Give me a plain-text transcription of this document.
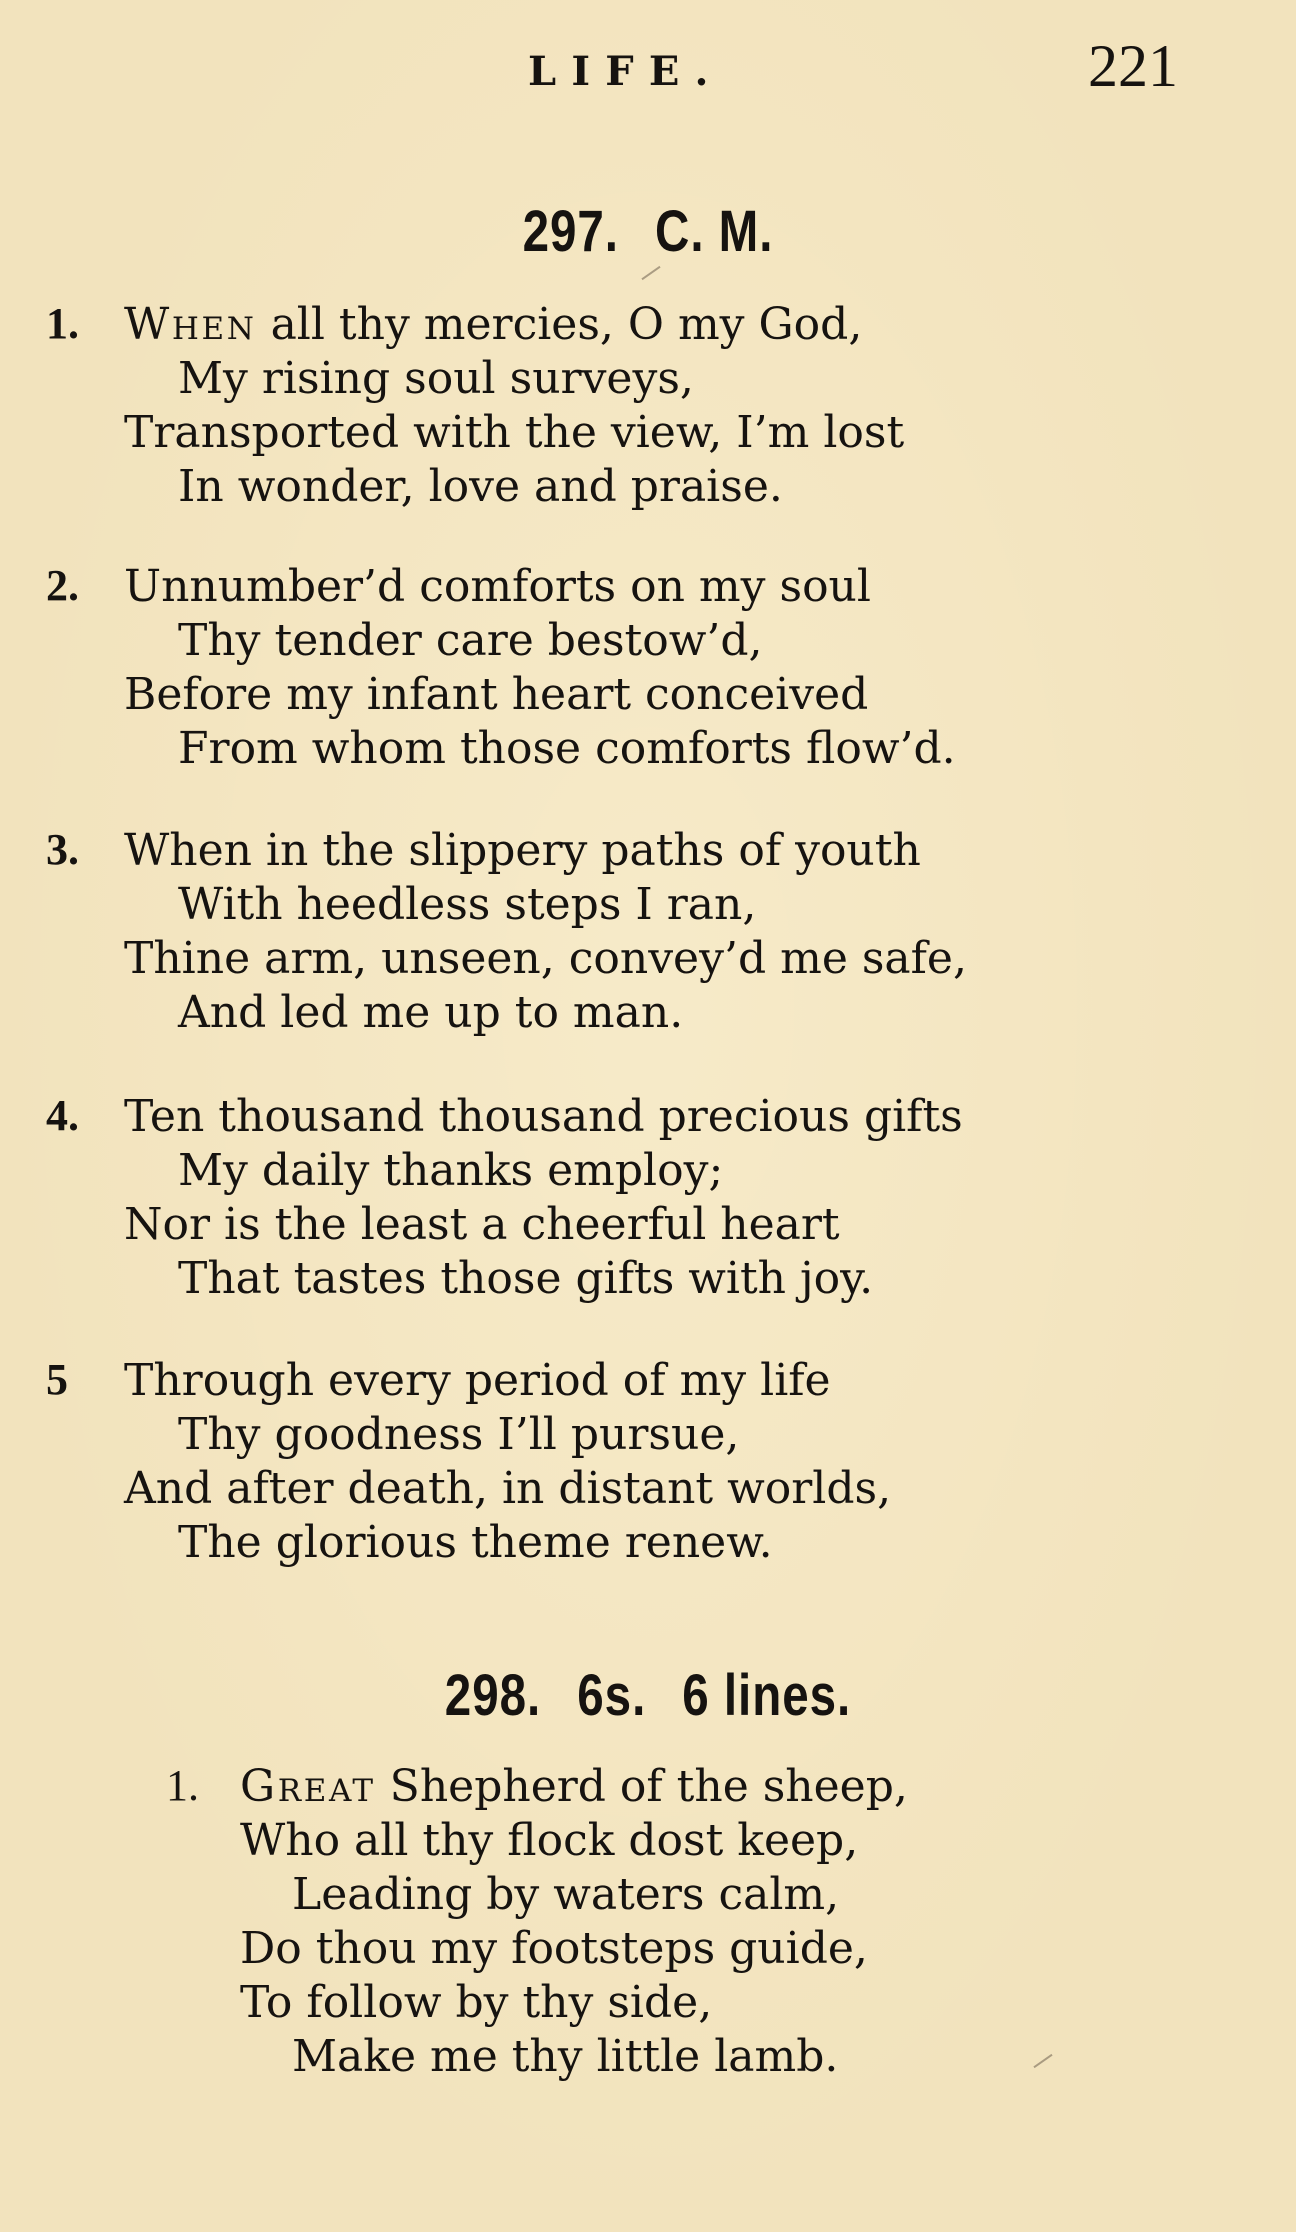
LIFE.	221
297. C. M.
1. When all thy mercies, O my God,
My rising soul surveys,
Transported with the view, I’m lost
In wonder, love and praise.
2. Unnumber’d comforts on my soul
Thy tender care bestow’d,
Before my infant heart conceived
From whom those comforts flow’d.
3. When in the slippery paths of youth
With heedless steps I ran,
Thine arm, unseen, convey’d me safe,
And led me up to man.
4. Ten thousand thousand precious gifts
My daily thanks employ;
Nor is the least a cheerful heart
That tastes those gifts with joy.
5 Through every period of my life
Thy goodness I’ll pursue,
And after death, in distant worlds,
The glorious theme renew.
298. 6s. 6 lines.
1. Great Shepherd of the sheep,
Who all thy flock dost keep,
Leading by waters calm,
Do thou my footsteps guide,
To follow by thy side,
Make me thy little lamb.
